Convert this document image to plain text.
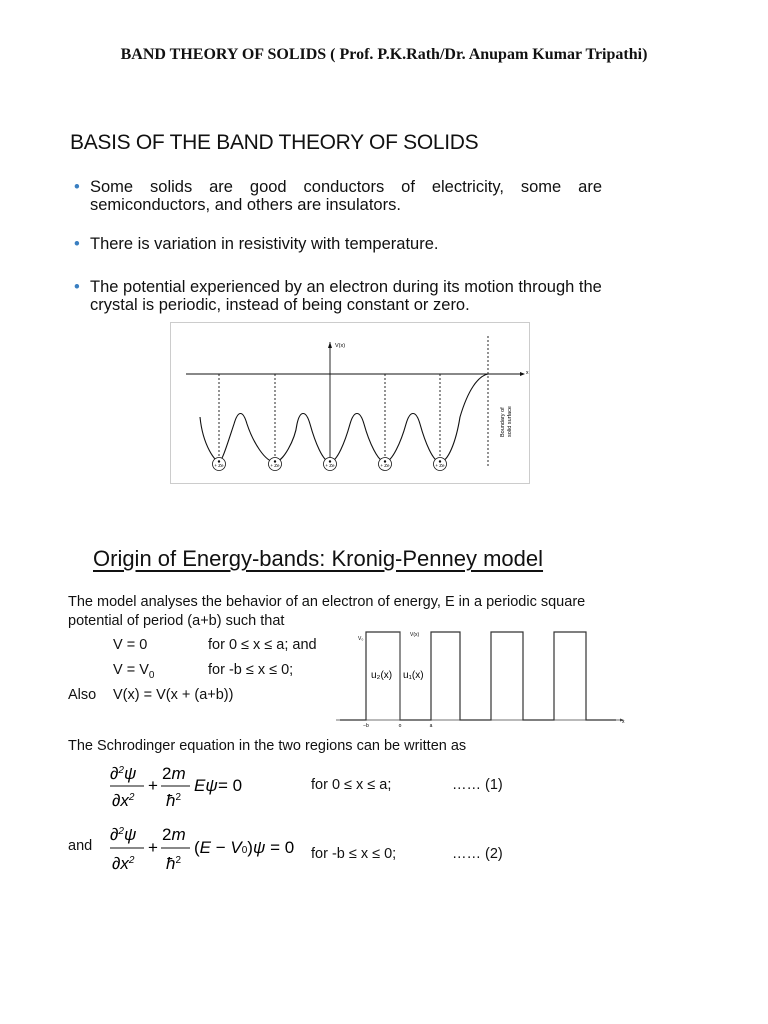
BAND THEORY OF SOLIDS ( Prof. P.K.Rath/Dr. Anupam Kumar Tripathi)
BASIS OF THE BAND THEORY OF SOLIDS
• Some solids are good conductors of electricity, some are semiconductors, and others are insulators.
• There is variation in resistivity with temperature.
• The potential experienced by an electron during its motion through the crystal is periodic, instead of being constant or zero.
x
V(x)
+ Ze	+ Ze	+ Ze	+ Ze	+ Ze
Boundary of solid surface
Origin of Energy-bands: Kronig-Penney model
The model analyses the behavior of an electron of energy, E in a periodic square
potential of period (a+b) such that
V = 0	for 0 ≤ x ≤ a; and
$V = V_0$	for -b ≤ x ≤ 0;
Also V(x) = V(x + (a+b))
x
V₀
V(x)
u₂(x) u₁(x)
−b	o	a
The Schrodinger equation in the two regions can be written as
∂$^2$ψ
$\partial x^2$
+
2m
$ħ^2$
Eψ = 0	for 0 ≤ x ≤ a;	…… (1)
and
∂$^2$ψ
$\partial x^2$
+
2m
$ħ^2$
(E − V0)ψ = 0 for -b ≤ x ≤ 0;	…… (2)
